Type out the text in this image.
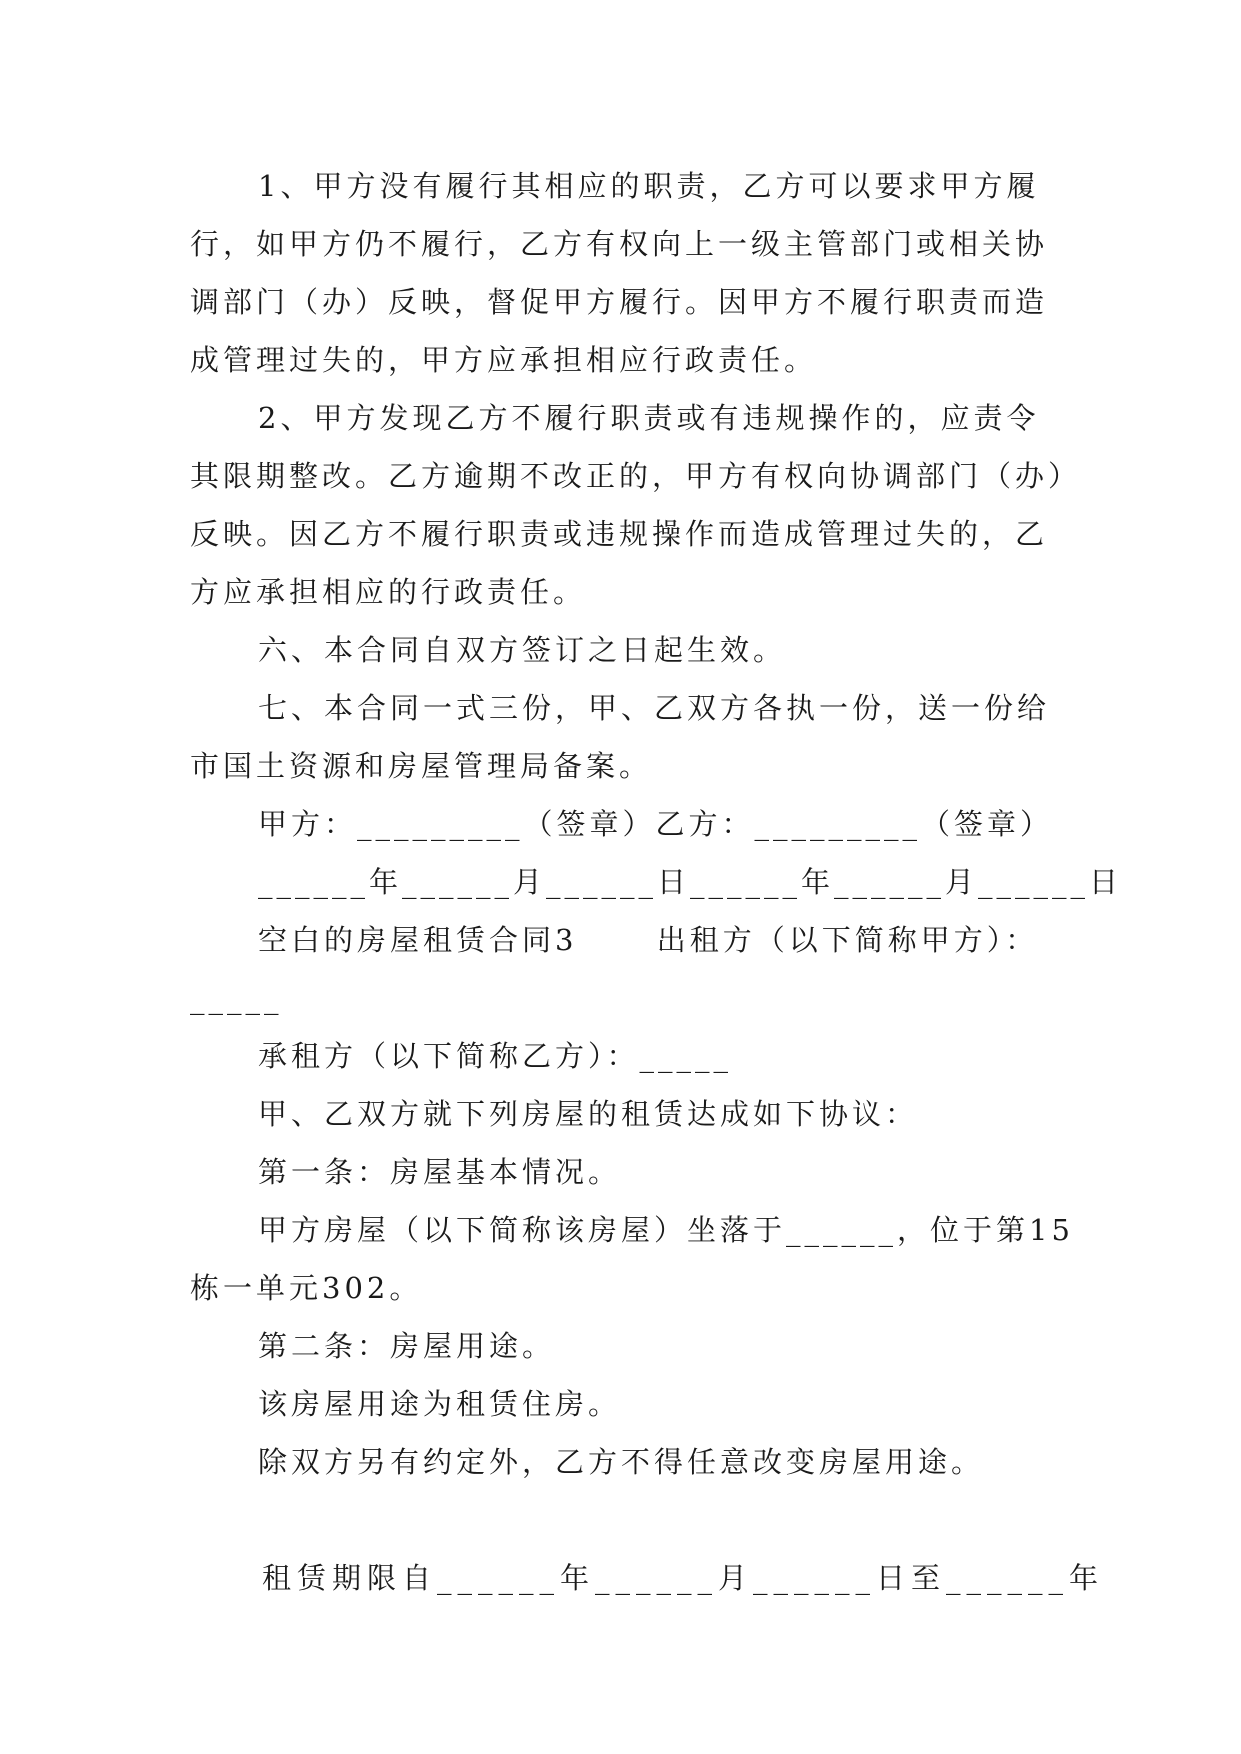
1、甲方没有履行其相应的职责，乙方可以要求甲方履
行，如甲方仍不履行，乙方有权向上一级主管部门或相关协
调部门（办）反映，督促甲方履行。因甲方不履行职责而造
成管理过失的，甲方应承担相应行政责任。
2、甲方发现乙方不履行职责或有违规操作的，应责令
其限期整改。乙方逾期不改正的，甲方有权向协调部门（办）
反映。因乙方不履行职责或违规操作而造成管理过失的，乙
方应承担相应的行政责任。
六、本合同自双方签订之日起生效。
七、本合同一式三份，甲、乙双方各执一份，送一份给
市国土资源和房屋管理局备案。
甲方：_________（签章）乙方：_________（签章）
______年______月______日______年______月______日
空白的房屋租赁合同3      出租方（以下简称甲方）：
_____
承租方（以下简称乙方）：_____
甲、乙双方就下列房屋的租赁达成如下协议：
第一条：房屋基本情况。
甲方房屋（以下简称该房屋）坐落于______，位于第15
栋一单元302。
第二条：房屋用途。
该房屋用途为租赁住房。
除双方另有约定外，乙方不得任意改变房屋用途。
租赁期限自______年______月______日至______年
